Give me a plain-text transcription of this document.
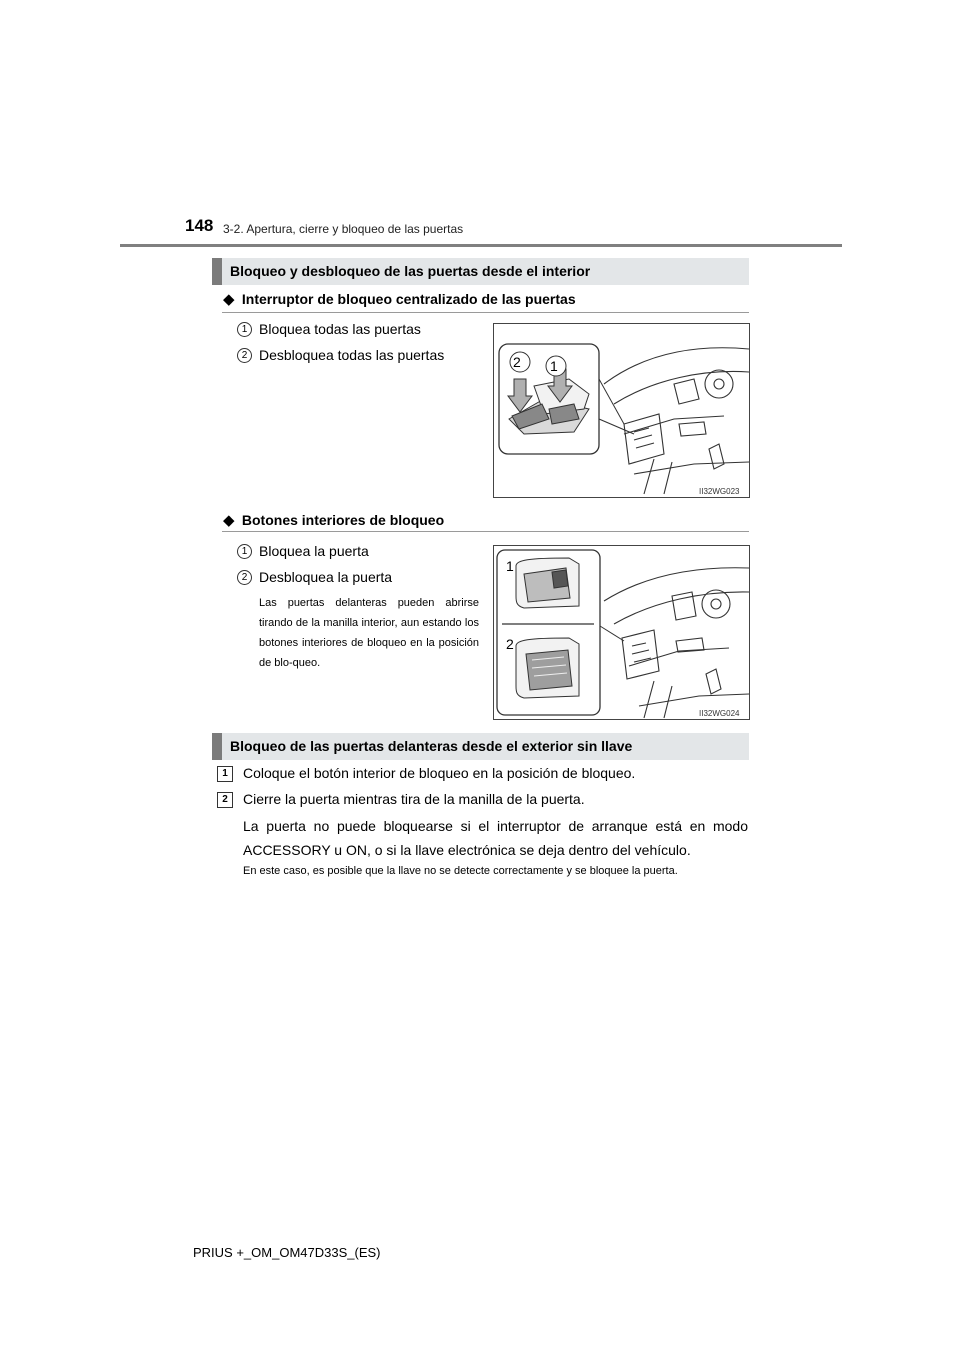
148 3-2. Apertura, cierre y bloqueo de las puertas
Bloqueo y desbloqueo de las puertas desde el interior
◆ Interruptor de bloqueo centralizado de las puertas
1 Bloquea todas las puertas
2 Desbloquea todas las puertas	2 1
II32WG023
◆ Botones interiores de bloqueo
1 Bloquea la puerta
2 Desbloquea la puerta
Las puertas delanteras pueden abrirse tirando de la manilla interior, aun estando los botones interiores de bloqueo en la posición de blo-queo.
1
2
II32WG024
Bloqueo de las puertas delanteras desde el exterior sin llave
1	Coloque el botón interior de bloqueo en la posición de bloqueo.
2	Cierre la puerta mientras tira de la manilla de la puerta.
La puerta no puede bloquearse si el interruptor de arranque está en modo ACCESSORY u ON, o si la llave electrónica se deja dentro del vehículo.
En este caso, es posible que la llave no se detecte correctamente y se bloquee la puerta.
PRIUS +_OM_OM47D33S_(ES)
